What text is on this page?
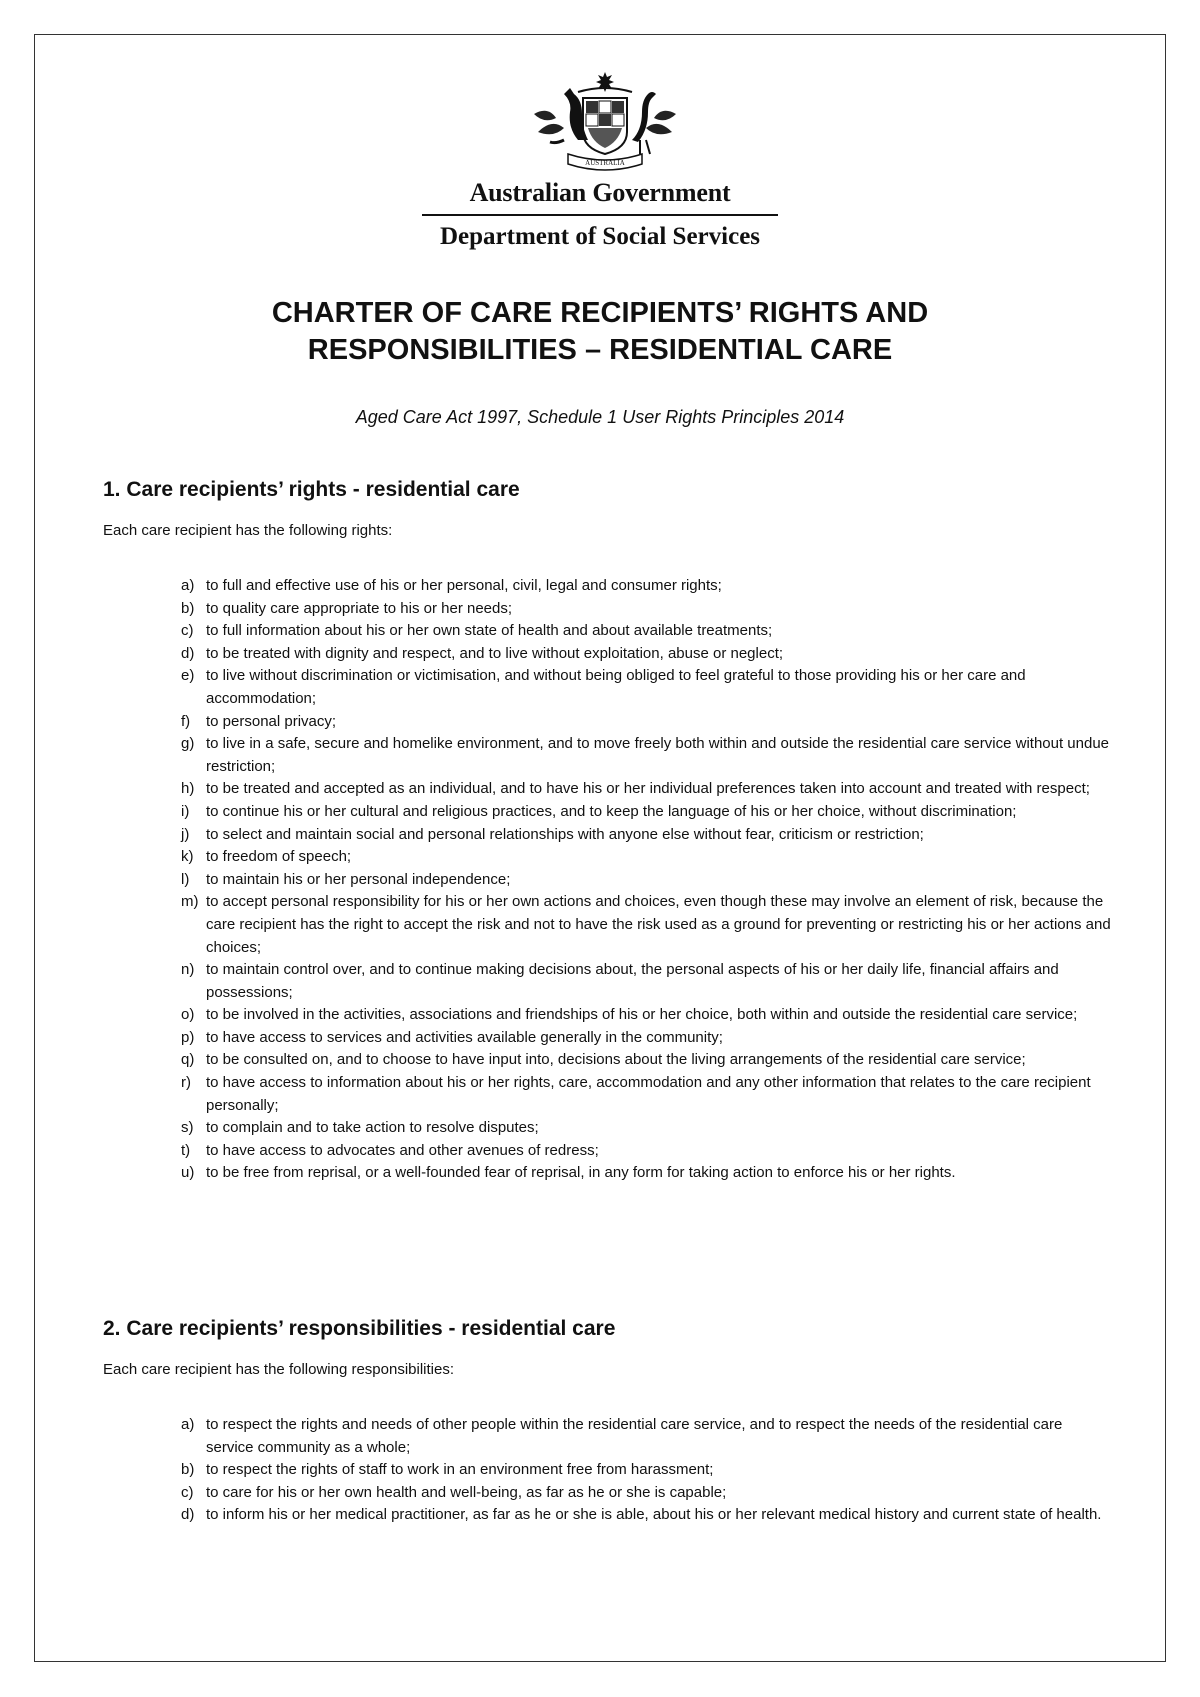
AUSTRALIA
Australian Government
Department of Social Services
CHARTER OF CARE RECIPIENTS’ RIGHTS AND
RESPONSIBILITIES – RESIDENTIAL CARE
Aged Care Act 1997, Schedule 1 User Rights Principles 2014
1. Care recipients’ rights - residential care
Each care recipient has the following rights:
a) to full and effective use of his or her personal, civil, legal and consumer rights;
b) to quality care appropriate to his or her needs;
c) to full information about his or her own state of health and about available treatments;
d) to be treated with dignity and respect, and to live without exploitation, abuse or neglect;
e) to live without discrimination or victimisation, and without being obliged to feel grateful to those providing his or her care and accommodation;
f) to personal privacy;
g) to live in a safe, secure and homelike environment, and to move freely both within and outside the residential care service without undue restriction;
h) to be treated and accepted as an individual, and to have his or her individual preferences taken into account and treated with respect;
i) to continue his or her cultural and religious practices, and to keep the language of his or her choice, without discrimination;
j) to select and maintain social and personal relationships with anyone else without fear, criticism or restriction;
k) to freedom of speech;
l) to maintain his or her personal independence;
m) to accept personal responsibility for his or her own actions and choices, even though these may involve an element of risk, because the care recipient has the right to accept the risk and not to have the risk used as a ground for preventing or restricting his or her actions and choices;
n) to maintain control over, and to continue making decisions about, the personal aspects of his or her daily life, financial affairs and possessions;
o) to be involved in the activities, associations and friendships of his or her choice, both within and outside the residential care service;
p) to have access to services and activities available generally in the community;
q) to be consulted on, and to choose to have input into, decisions about the living arrangements of the residential care service;
r) to have access to information about his or her rights, care, accommodation and any other information that relates to the care recipient personally;
s) to complain and to take action to resolve disputes;
t) to have access to advocates and other avenues of redress;
u) to be free from reprisal, or a well-founded fear of reprisal, in any form for taking action to enforce his or her rights.
2. Care recipients’ responsibilities - residential care
Each care recipient has the following responsibilities:
a) to respect the rights and needs of other people within the residential care service, and to respect the needs of the residential care service community as a whole;
b) to respect the rights of staff to work in an environment free from harassment;
c) to care for his or her own health and well-being, as far as he or she is capable;
d) to inform his or her medical practitioner, as far as he or she is able, about his or her relevant medical history and current state of health.
